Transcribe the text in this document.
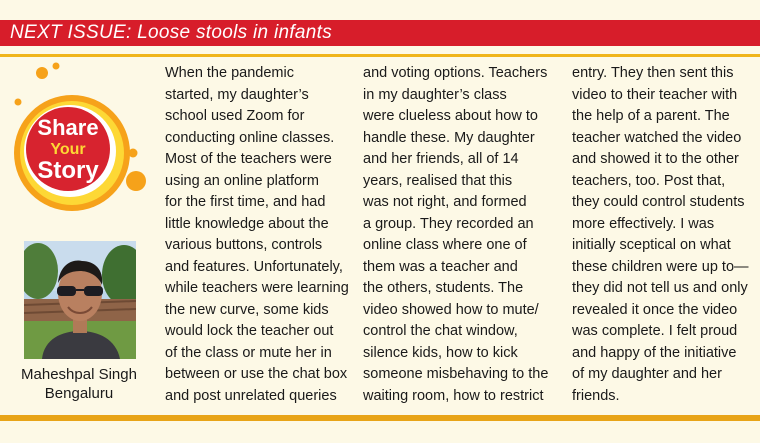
NEXT ISSUE: Loose stools in infants
Share
Your
Story
Maheshpal Singh
Bengaluru
When the pandemic
started, my daughter’s
school used Zoom for
conducting online classes.
Most of the teachers were
using an online platform
for the first time, and had
little knowledge about the
various buttons, controls
and features. Unfortunately,
while teachers were learning
the new curve, some kids
would lock the teacher out
of the class or mute her in
between or use the chat box
and post unrelated queries
and voting options. Teachers
in my daughter’s class
were clueless about how to
handle these. My daughter
and her friends, all of 14
years, realised that this
was not right, and formed
a group. They recorded an
online class where one of
them was a teacher and
the others, students. The
video showed how to mute/
control the chat window,
silence kids, how to kick
someone misbehaving to the
waiting room, how to restrict
entry. They then sent this
video to their teacher with
the help of a parent. The
teacher watched the video
and showed it to the other
teachers, too. Post that,
they could control students
more effectively. I was
initially sceptical on what
these children were up to—
they did not tell us and only
revealed it once the video
was complete. I felt proud
and happy of the initiative
of my daughter and her
friends.
